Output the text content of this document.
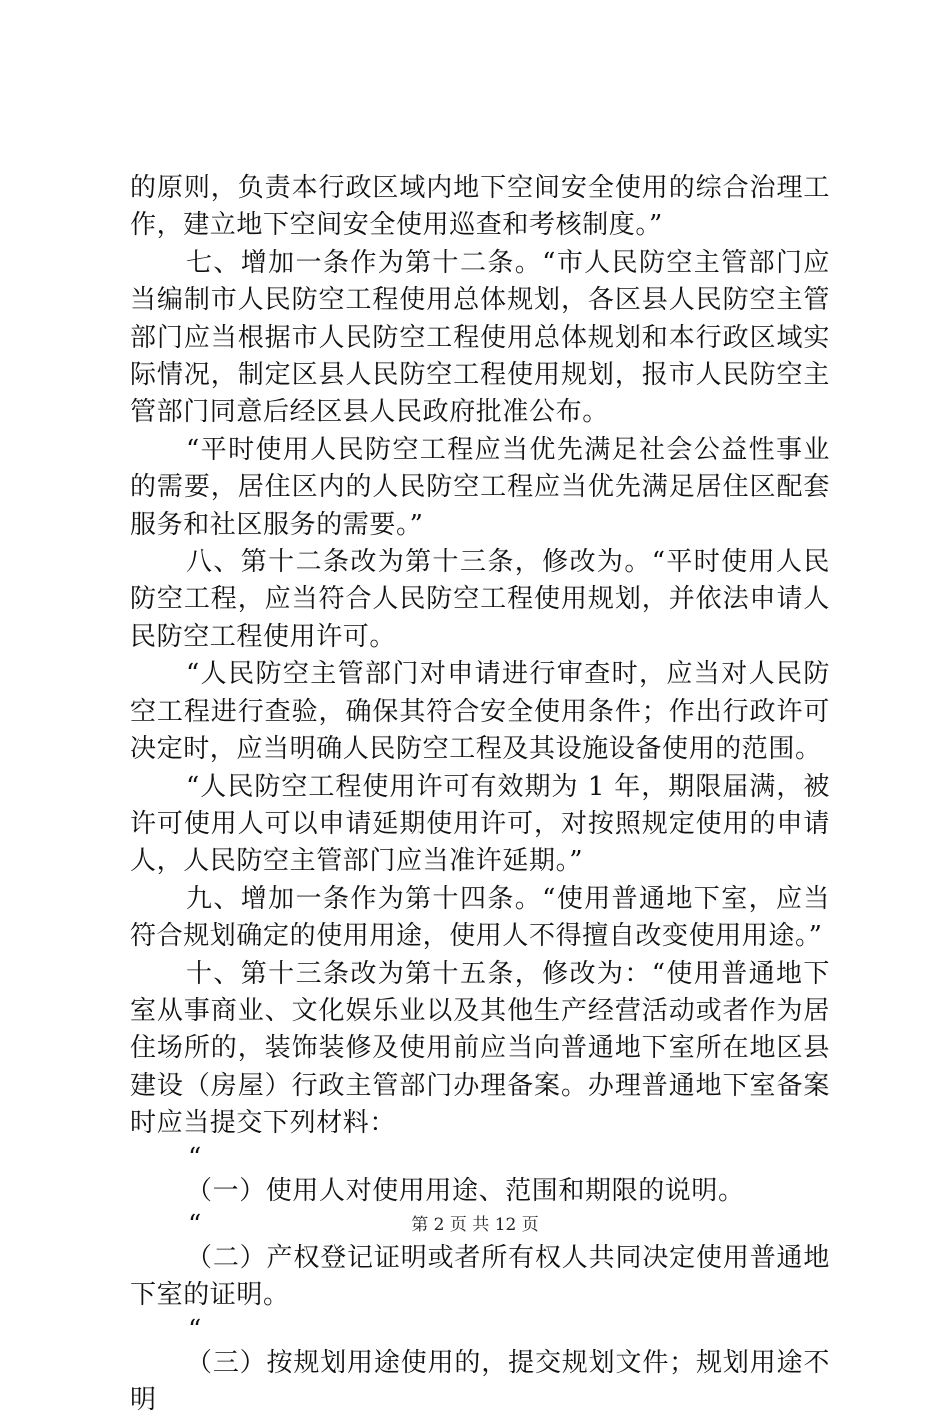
的原则，负责本行政区域内地下空间安全使用的综合治理工作，建立地下空间安全使用巡查和考核制度。”

七、增加一条作为第十二条。“市人民防空主管部门应当编制市人民防空工程使用总体规划，各区县人民防空主管部门应当根据市人民防空工程使用总体规划和本行政区域实际情况，制定区县人民防空工程使用规划，报市人民防空主管部门同意后经区县人民政府批准公布。

“平时使用人民防空工程应当优先满足社会公益性事业的需要，居住区内的人民防空工程应当优先满足居住区配套服务和社区服务的需要。”

八、第十二条改为第十三条，修改为。“平时使用人民防空工程，应当符合人民防空工程使用规划，并依法申请人民防空工程使用许可。

“人民防空主管部门对申请进行审查时，应当对人民防空工程进行查验，确保其符合安全使用条件；作出行政许可决定时，应当明确人民防空工程及其设施设备使用的范围。

“人民防空工程使用许可有效期为 1 年，期限届满，被许可使用人可以申请延期使用许可，对按照规定使用的申请人，人民防空主管部门应当准许延期。”

九、增加一条作为第十四条。“使用普通地下室，应当符合规划确定的使用用途，使用人不得擅自改变使用用途。”

十、第十三条改为第十五条，修改为：“使用普通地下室从事商业、文化娱乐业以及其他生产经营活动或者作为居住场所的，装饰装修及使用前应当向普通地下室所在地区县建设（房屋）行政主管部门办理备案。办理普通地下室备案时应当提交下列材料：

“

（一）使用人对使用用途、范围和期限的说明。

“

（二）产权登记证明或者所有权人共同决定使用普通地下室的证明。

“

（三）按规划用途使用的，提交规划文件；规划用途不明

第 2 页 共 12 页
